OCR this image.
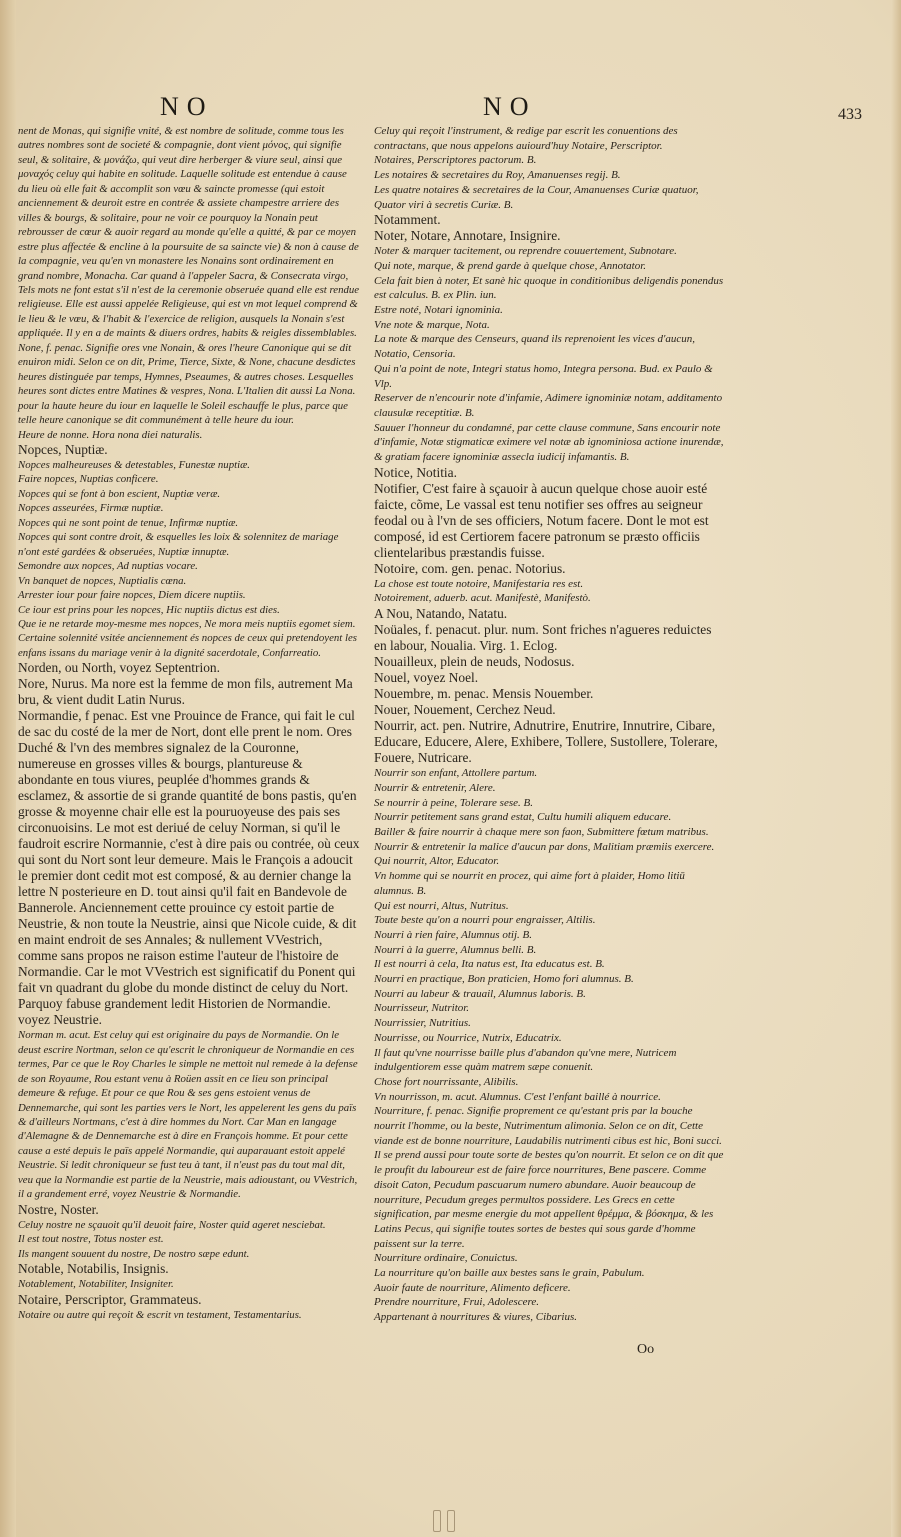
NO	NO	433

nent de Monas, qui signifie vnité, & est nombre de solitude, comme tous les autres nombres sont de societé & compagnie, dont vient μόνος, qui signifie seul, & solitaire, & μονάζω, qui veut dire herberger & viure seul, ainsi que μοναχός celuy qui habite en solitude. Laquelle solitude est entendue à cause du lieu où elle fait & accomplit son vœu & saincte promesse (qui estoit anciennement & deuroit estre en contrée & assiete champestre arriere des villes & bourgs, & solitaire, pour ne voir ce pourquoy la Nonain peut rebrousser de cœur & auoir regard au monde qu'elle a quitté, & par ce moyen estre plus affectée & encline à la poursuite de sa saincte vie) & non à cause de la compagnie, veu qu'en vn monastere les Nonains sont ordinairement en grand nombre, Monacha. Car quand à l'appeler Sacra, & Consecrata virgo, Tels mots ne font estat s'il n'est de la ceremonie obseruée quand elle est rendue religieuse. Elle est aussi appelée Religieuse, qui est vn mot lequel comprend & le lieu & le vœu, & l'habit & l'exercice de religion, ausquels la Nonain s'est appliquée. Il y en a de maints & diuers ordres, habits & reigles dissemblables.

None, f. penac. Signifie ores vne Nonain, & ores l'heure Canonique qui se dit enuiron midi. Selon ce on dit, Prime, Tierce, Sixte, & None, chacune desdictes heures distinguée par temps, Hymnes, Pseaumes, & autres choses. Lesquelles heures sont dictes entre Matines & vespres, Nona. L'Italien dit aussi La Nona. pour la haute heure du iour en laquelle le Soleil eschauffe le plus, parce que telle heure canonique se dit communément à telle heure du iour.

Heure de nonne. Hora nona diei naturalis.

Nopces, Nuptiæ.

Nopces malheureuses & detestables, Funestæ nuptiæ.

Faire nopces, Nuptias conficere.

Nopces qui se font à bon escient, Nuptiæ veræ.

Nopces asseurées, Firmæ nuptiæ.

Nopces qui ne sont point de tenue, Infirmæ nuptiæ.

Nopces qui sont contre droit, & esquelles les loix & solennitez de mariage n'ont esté gardées & obseruées, Nuptiæ innuptæ.

Semondre aux nopces, Ad nuptias vocare.

Vn banquet de nopces, Nuptialis cœna.

Arrester iour pour faire nopces, Diem dicere nuptiis.

Ce iour est prins pour les nopces, Hic nuptiis dictus est dies.

Que ie ne retarde moy-mesme mes nopces, Ne mora meis nuptiis egomet siem.

Certaine solennité vsitée anciennement és nopces de ceux qui pretendoyent les enfans issans du mariage venir à la dignité sacerdotale, Confarreatio.

Norden, ou North, voyez Septentrion.

Nore, Nurus. Ma nore est la femme de mon fils, autrement Ma bru, & vient dudit Latin Nurus.

Normandie, f penac. Est vne Prouince de France, qui fait le cul de sac du costé de la mer de Nort, dont elle prent le nom. Ores Duché & l'vn des membres signalez de la Couronne, numereuse en grosses villes & bourgs, plantureuse & abondante en tous viures, peuplée d'hommes grands & esclamez, & assortie de si grande quantité de bons pastis, qu'en grosse & moyenne chair elle est la pouruoyeuse des pais ses circonuoisins. Le mot est deriué de celuy Norman, si qu'il le faudroit escrire Normannie, c'est à dire pais ou contrée, où ceux qui sont du Nort sont leur demeure. Mais le François a adoucit le premier dont cedit mot est composé, & au dernier change la lettre N posterieure en D. tout ainsi qu'il fait en Bandevole de Bannerole. Anciennement cette prouince cy estoit partie de Neustrie, & non toute la Neustrie, ainsi que Nicole cuide, & dit en maint endroit de ses Annales; & nullement VVestrich, comme sans propos ne raison estime l'auteur de l'histoire de Normandie. Car le mot VVestrich est significatif du Ponent qui fait vn quadrant du globe du monde distinct de celuy du Nort. Parquoy fabuse grandement ledit Historien de Normandie. voyez Neustrie.

Norman m. acut. Est celuy qui est originaire du pays de Normandie. On le deust escrire Nortman, selon ce qu'escrit le chroniqueur de Normandie en ces termes, Par ce que le Roy Charles le simple ne mettoit nul remede à la defense de son Royaume, Rou estant venu à Roüen assit en ce lieu son principal demeure & refuge. Et pour ce que Rou & ses gens estoient venus de Dennemarche, qui sont les parties vers le Nort, les appelerent les gens du païs & d'ailleurs Nortmans, c'est à dire hommes du Nort. Car Man en langage d'Alemagne & de Dennemarche est à dire en François homme. Et pour cette cause a esté depuis le païs appelé Normandie, qui auparauant estoit appelé Neustrie. Si ledit chroniqueur se fust teu à tant, il n'eust pas du tout mal dit, veu que la Normandie est partie de la Neustrie, mais adioustant, ou VVestrich, il a grandement erré, voyez Neustrie & Normandie.

Nostre, Noster.

Celuy nostre ne sçauoit qu'il deuoit faire, Noster quid ageret nesciebat.

Il est tout nostre, Totus noster est.

Ils mangent souuent du nostre, De nostro sæpe edunt.

Notable, Notabilis, Insignis.

Notablement, Notabiliter, Insigniter.

Notaire, Perscriptor, Grammateus.

Notaire ou autre qui reçoit & escrit vn testament, Testamentarius.

Celuy qui reçoit l'instrument, & redige par escrit les conuentions des contractans, que nous appelons auiourd'huy Notaire, Perscriptor.

Notaires, Perscriptores pactorum. B.

Les notaires & secretaires du Roy, Amanuenses regij. B.

Les quatre notaires & secretaires de la Cour, Amanuenses Curiæ quatuor, Quator viri à secretis Curiæ. B.

Notamment.

Noter, Notare, Annotare, Insignire.

Noter & marquer tacitement, ou reprendre couuertement, Subnotare.

Qui note, marque, & prend garde à quelque chose, Annotator.

Cela fait bien à noter, Et sanè hic quoque in conditionibus deligendis ponendus est calculus. B. ex Plin. iun.

Estre noté, Notari ignominia.

Vne note & marque, Nota.

La note & marque des Censeurs, quand ils reprenoient les vices d'aucun, Notatio, Censoria.

Qui n'a point de note, Integri status homo, Integra persona. Bud. ex Paulo & Vlp.

Reserver de n'encourir note d'infamie, Adimere ignominiæ notam, additamento clausulæ receptitiæ. B.

Sauuer l'honneur du condamné, par cette clause commune, Sans encourir note d'infamie, Notæ stigmaticæ eximere vel notæ ab ignominiosa actione inurendæ, & gratiam facere ignominiæ assecla iudicij infamantis. B.

Notice, Notitia.

Notifier, C'est faire à sçauoir à aucun quelque chose auoir esté faicte, cõme, Le vassal est tenu notifier ses offres au seigneur feodal ou à l'vn de ses officiers, Notum facere. Dont le mot est composé, id est Certiorem facere patronum se præsto officiis clientelaribus præstandis fuisse.

Notoire, com. gen. penac. Notorius.

La chose est toute notoire, Manifestaria res est.

Notoirement, aduerb. acut. Manifestè, Manifestò.

A Nou, Natando, Natatu.

Noüales, f. penacut. plur. num. Sont friches n'agueres reduictes en labour, Noualia. Virg. 1. Eclog.

Nouailleux, plein de neuds, Nodosus.

Nouel, voyez Noel.

Nouembre, m. penac. Mensis Nouember.

Nouer, Nouement, Cerchez Neud.

Nourrir, act. pen. Nutrire, Adnutrire, Enutrire, Innutrire, Cibare, Educare, Educere, Alere, Exhibere, Tollere, Sustollere, Tolerare, Fouere, Nutricare.

Nourrir son enfant, Attollere partum.

Nourrir & entretenir, Alere.

Se nourrir à peine, Tolerare sese. B.

Nourrir petitement sans grand estat, Cultu humili aliquem educare.

Bailler & faire nourrir à chaque mere son faon, Submittere fœtum matribus.

Nourrir & entretenir la malice d'aucun par dons, Malitiam præmiis exercere.

Qui nourrit, Altor, Educator.

Vn homme qui se nourrit en procez, qui aime fort à plaider, Homo litiū alumnus. B.

Qui est nourri, Altus, Nutritus.

Toute beste qu'on a nourri pour engraisser, Altilis.

Nourri à rien faire, Alumnus otij. B.

Nourri à la guerre, Alumnus belli. B.

Il est nourri à cela, Ita natus est, Ita educatus est. B.

Nourri en practique, Bon praticien, Homo fori alumnus. B.

Nourri au labeur & trauail, Alumnus laboris. B.

Nourrisseur, Nutritor.

Nourrissier, Nutritius.

Nourrisse, ou Nourrice, Nutrix, Educatrix.

Il faut qu'vne nourrisse baille plus d'abandon qu'vne mere, Nutricem indulgentiorem esse quàm matrem sæpe conuenit.

Chose fort nourrissante, Alibilis.

Vn nourrisson, m. acut. Alumnus. C'est l'enfant baillé à nourrice.

Nourriture, f. penac. Signifie proprement ce qu'estant pris par la bouche nourrit l'homme, ou la beste, Nutrimentum alimonia. Selon ce on dit, Cette viande est de bonne nourriture, Laudabilis nutrimenti cibus est hic, Boni succi. Il se prend aussi pour toute sorte de bestes qu'on nourrit. Et selon ce on dit que le proufit du laboureur est de faire force nourritures, Bene pascere. Comme disoit Caton, Pecudum pascuarum numero abundare. Auoir beaucoup de nourriture, Pecudum greges permultos possidere. Les Grecs en cette signification, par mesme energie du mot appellent θρέμμα, & βόσκημα, & les Latins Pecus, qui signifie toutes sortes de bestes qui sous garde d'homme paissent sur la terre.

Nourriture ordinaire, Conuictus.

La nourriture qu'on baille aux bestes sans le grain, Pabulum.

Auoir faute de nourriture, Alimento deficere.

Prendre nourriture, Frui, Adolescere.

Appartenant à nourritures & viures, Cibarius.

Oo
